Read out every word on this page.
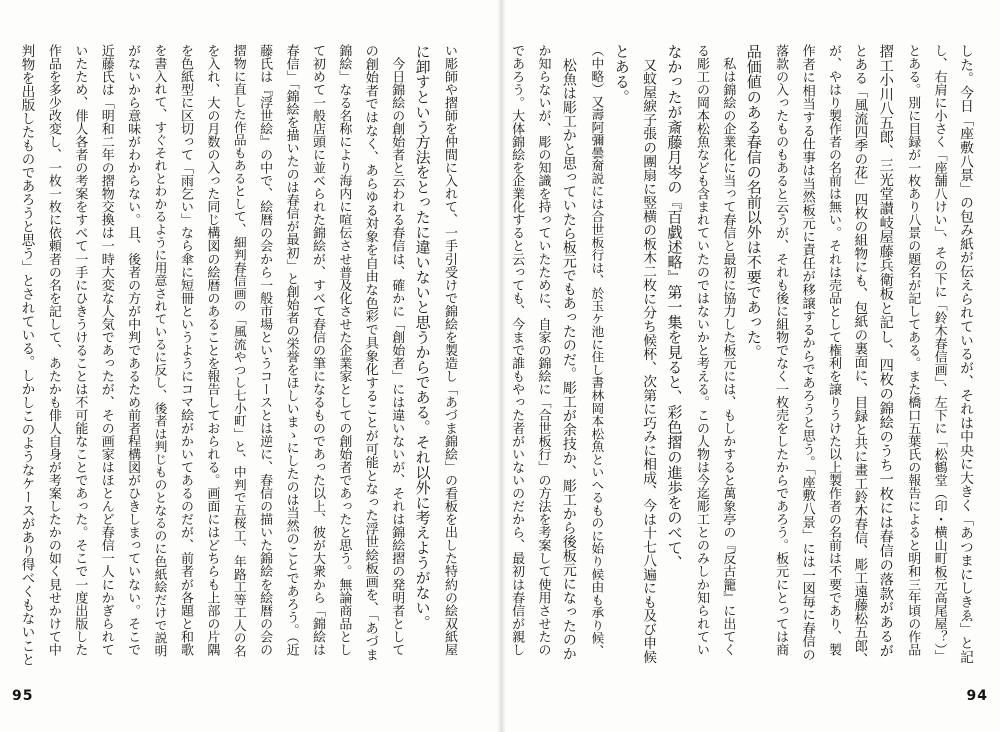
した。今日「座敷八景」の包み紙が伝えられているが、それは中央に大きく「あつまにしきゑ」と記
し、右肩に小さく「座舗八けい」、その下に「鈴木春信画」、左下に「松鶴堂（印・横山町板元高尾屋？）」
とある。別に目録が一枚あり八景の題名が記してある。また橋口五葉氏の報告によると明和三年頃の作品
摺工小川八五郎、三光堂讃岐屋藤兵衛板と記し、四枚の錦絵のうち一枚には春信の落款があるが
とある「風流四季の花」四枚の組物にも、包紙の裏面に、目録と共に畫工鈴木春信、彫工遠藤松五郎、
が、やはり製作者の名前は無い。それは売品として権利を譲りうけた以上製作者の名前は不要であり、製
作者に相当する仕事は当然板元に責任が移譲するからであろうと思う。「座敷八景」には一図毎に春信の
落款の入ったものもあると云うが、それも後に組物でなく一枚売をしたからであろう。板元にとっては商
品価値のある春信の名前以外は不要であった。
　私は錦絵の企業化に当って春信と最初に協力した板元には、もしかすると萬象亭の『反古籠』に出てく
る彫工の岡本松魚なども含まれていたのではないかと考える。この人物は今迄彫工とのみしか知られてい
なかったが斎藤月岑の『百戯述略』第一集を見ると、彩色摺の進歩をのべて、
　又蚊屋綟子張の團扇に竪横の板木二枚に分ち候杯、次第に巧みに相成、今は十七八遍にも及び申候
とある。
（中略）又壽阿彌曇奝説には合世板行は、於玉ケ池に住し書林岡本松魚といへるものに始り候由も承り候、
　松魚は彫工かと思っていたら板元でもあったのだ。彫工が余技か、彫工から後板元になったのか
か知らないが、彫の知識を持っていたために、自家の錦絵に「合世板行」の方法を考案して使用させたの
であろう。大体錦絵を企業化すると云っても、今まで誰もやった者がいないのだから、最初は春信が親し
94
い彫師や摺師を仲間に入れて、一手引受けで錦絵を製造し「あづま錦絵」の看板を出した特約の絵双紙屋
に卸すという方法をとったに違いないと思うからである。それ以外に考えようがない。
　今日錦絵の創始者と云われる春信は、確かに「創始者」には違いないが、それは錦絵摺の発明者として
の創始者ではなく、あらゆる対象を自由な色彩で具象化することが可能となった浮世絵板画を、「あづま
錦絵」なる名称により海内に喧伝させ普及化させた企業家としての創始者であったと思う。無論商品とし
て初めて一般店頭に並べられた錦絵が、すべて春信の筆になるものであった以上、彼が大衆から「錦絵は
春信」「錦絵を描いたのは春信が最初」と創始者の栄誉をほしいまゝにしたのは当然のことであろう。（近
藤氏は『浮世絵』の中で、絵暦の会から一般市場というコースとは逆に、春信の描いた錦絵を絵暦の会の
摺物に直した作品もあるとして、細判春信画の「風流やつし七小町」と、中判で五桜工、年路工等工人の名
を入れ、大の月数の入った同じ構図の絵暦のあることを報告しておられる。画面にはどちらも上部の片隅
を色紙型に区切って「雨乞い」なら傘に短冊というようにコマ絵がかいてあるのだが、前者が各題と和歌
を書入れて、すぐそれとわかるように用意されているに反し、後者は判じものとなるのに色紙絵だけで説明
がないから意味がわからない。且、後者の方が中判であるため前者程構図がひきしまっていない。そこで
近藤氏は「明和二年の摺物交換は一時大変な人気であったが、その画家はほとんど春信一人にかぎられて
いたため、俳人各者の考案をすべて一手にひきうけることは不可能なことであった。そこで一度出版した
作品を多少改変し、一枚一枚に依頼者の名を記して、あたかも俳人自身が考案したかの如く見せかけて中
判物を出版したものであろうと思う」とされている。しかしこのようなケースがあり得べくもないこと
95
